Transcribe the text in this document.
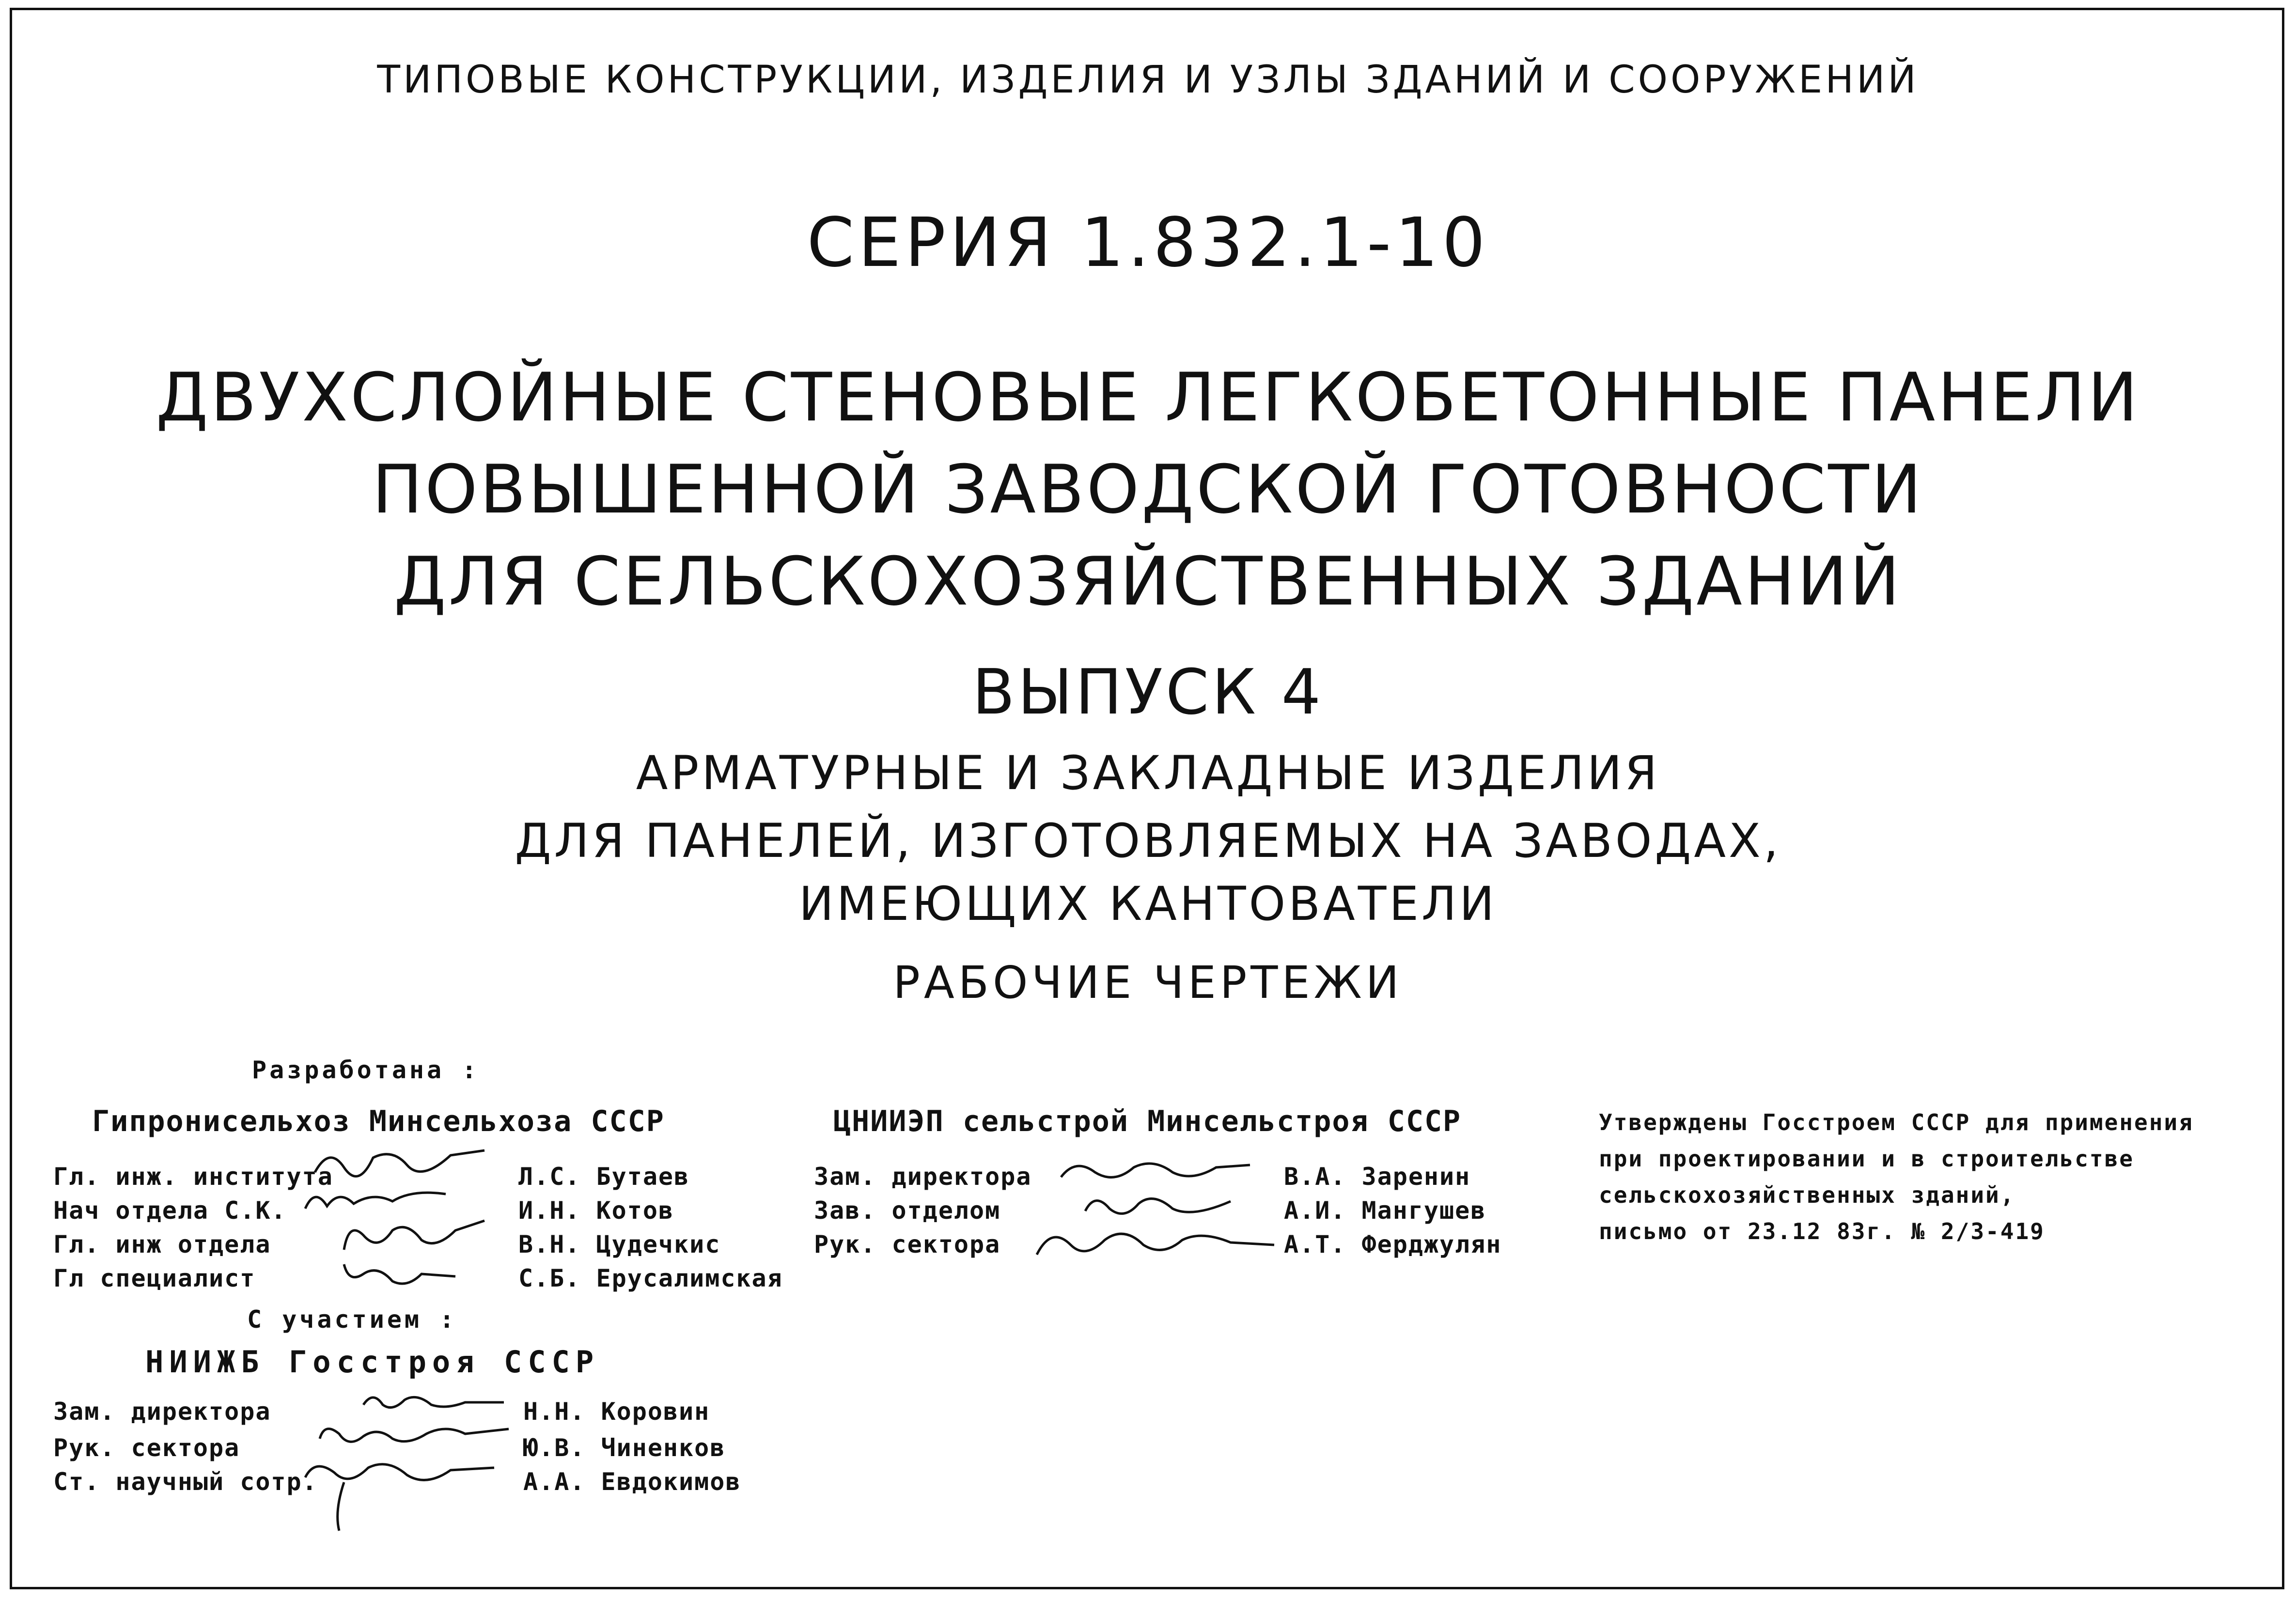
ТИПОВЫЕ КОНСТРУКЦИИ, ИЗДЕЛИЯ И УЗЛЫ ЗДАНИЙ И СООРУЖЕНИЙ
СЕРИЯ 1.832.1-10
ДВУХСЛОЙНЫЕ СТЕНОВЫЕ ЛЕГКОБЕТОННЫЕ ПАНЕЛИ
ПОВЫШЕННОЙ ЗАВОДСКОЙ ГОТОВНОСТИ
ДЛЯ СЕЛЬСКОХОЗЯЙСТВЕННЫХ ЗДАНИЙ
ВЫПУСК 4
АРМАТУРНЫЕ И ЗАКЛАДНЫЕ ИЗДЕЛИЯ
ДЛЯ ПАНЕЛЕЙ, ИЗГОТОВЛЯЕМЫХ НА ЗАВОДАХ,
ИМЕЮЩИХ КАНТОВАТЕЛИ
РАБОЧИЕ ЧЕРТЕЖИ
Разработана :
Гипронисельхоз Минсельхоза СССР
Гл. инж. института
Нач отдела С.К.
Гл. инж отдела
Гл специалист
Л.С. Бутаев
И.Н. Котов
В.Н. Цудечкис
С.Б. Ерусалимская
С участием :
НИИЖБ Госстроя СССР
Зам. директора
Рук. сектора
Ст. научный сотр.
Н.Н. Коровин
Ю.В. Чиненков
А.А. Евдокимов
ЦНИИЭП сельстрой Минсельстроя СССР
Зам. директора
Зав. отделом
Рук. сектора
В.А. Заренин
А.И. Мангушев
А.Т. Ферджулян
Утверждены Госстроем СССР для применения
при проектировании и в строительстве
сельскохозяйственных зданий,
письмо от 23.12 83г. № 2/3-419
